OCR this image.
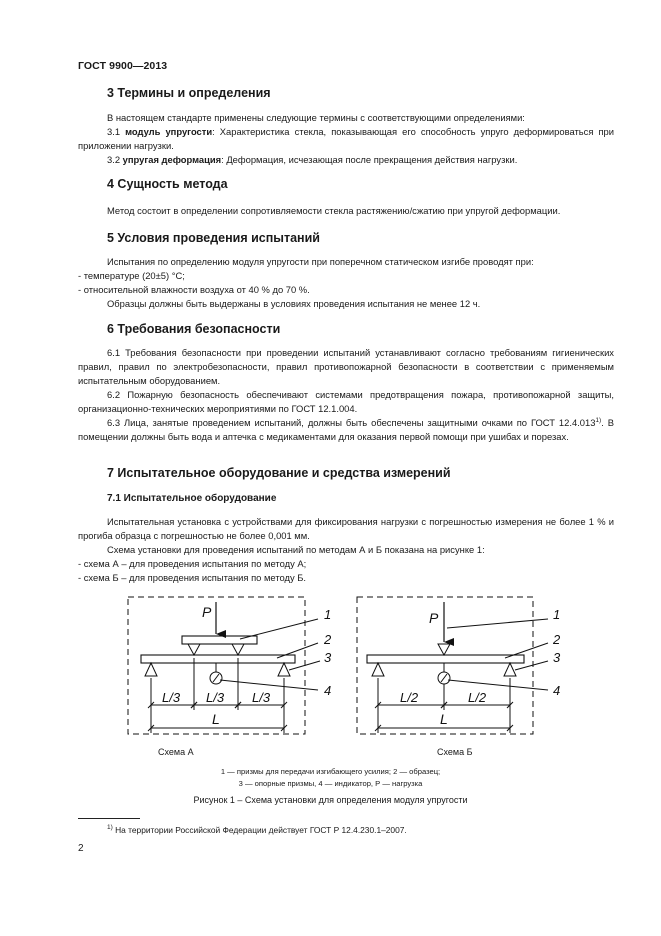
ГОСТ 9900—2013
3 Термины и определения
В настоящем стандарте применены следующие термины с соответствующими определениями:
3.1 модуль упругости: Характеристика стекла, показывающая его способность упруго деформироваться при приложении нагрузки.
3.2 упругая деформация: Деформация, исчезающая после прекращения действия нагрузки.
4 Сущность метода
Метод состоит в определении сопротивляемости стекла растяжению/сжатию при упругой деформации.
5 Условия проведения испытаний
Испытания по определению модуля упругости при поперечном статическом изгибе проводят при:
- температуре (20±5) °С;
- относительной влажности воздуха от 40 % до 70 %.
Образцы должны быть выдержаны в условиях проведения испытания не менее 12 ч.
6 Требования безопасности
6.1 Требования безопасности при проведении испытаний устанавливают согласно требованиям гигиенических правил, правил по электробезопасности, правил противопожарной безопасности в соответствии с применяемым испытательным оборудованием.
6.2 Пожарную безопасность обеспечивают системами предотвращения пожара, противопожарной защиты, организационно-технических мероприятиями по ГОСТ 12.1.004.
6.3 Лица, занятые проведением испытаний, должны быть обеспечены защитными очками по ГОСТ 12.4.013$^{1)}$. В помещении должны быть вода и аптечка с медикаментами для оказания первой помощи при ушибах и порезах.
7 Испытательное оборудование и средства измерений
7.1 Испытательное оборудование
Испытательная установка с устройствами для фиксирования нагрузки с погрешностью измерения не более 1 % и прогиба образца с погрешностью не более 0,001 мм.
Схема установки для проведения испытаний по методам А и Б показана на рисунке 1:
- схема А – для проведения испытания по методу А;
- схема Б – для проведения испытания по методу Б.
P	1
2
3
4
L/3 L/3 L/3
L
P	1
2
3
4
L/2	L/2
L
Схема А	Схема Б
1 — призмы для передачи изгибающего усилия; 2 — образец;
3 — опорные призмы, 4 — индикатор, Р — нагрузка
Рисунок 1 – Схема установки для определения модуля упругости
$^{1)}$ На территории Российской Федерации действует ГОСТ Р 12.4.230.1–2007.
2
